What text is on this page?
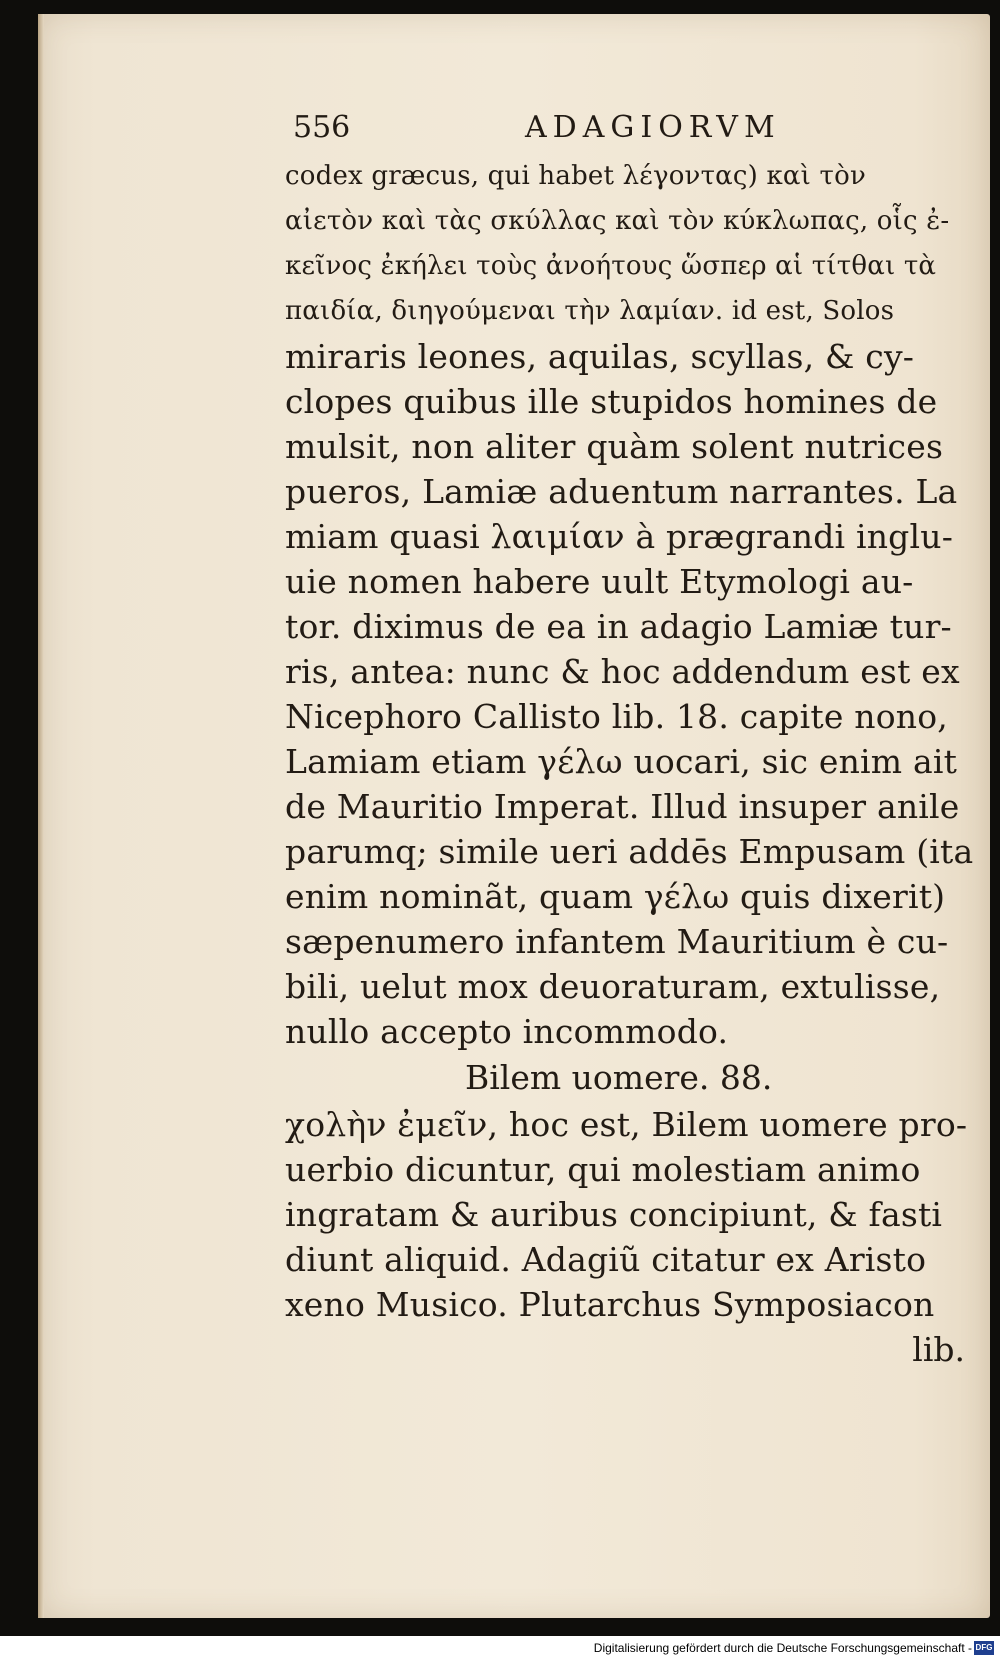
556	ADAGIORVM
codex græcus, qui habet λέγοντας) καὶ τὸν
αἰετὸν καὶ τὰς σκύλλας καὶ τὸν κύκλωπας, οἷς ἐ-
κεῖνος ἐκήλει τοὺς ἀνοήτους ὥσπερ αἱ τίτθαι τὰ
παιδία, διηγούμεναι τὴν λαμίαν. id est, Solos
miraris leones, aquilas, scyllas, & cy-
clopes quibus ille stupidos homines de
mulsit, non aliter quàm solent nutrices
pueros, Lamiæ aduentum narrantes. La
miam quasi λαιμίαν à prægrandi inglu-
uie nomen habere uult Etymologi au-
tor. diximus de ea in adagio Lamiæ tur-
ris, antea: nunc & hoc addendum est ex
Nicephoro Callisto lib. 18. capite nono,
Lamiam etiam γέλω uocari, sic enim ait
de Mauritio Imperat. Illud insuper anile
parumq; simile ueri addēs Empusam (ita
enim nominãt, quam γέλω quis dixerit)
sæpenumero infantem Mauritium è cu-
bili, uelut mox deuoraturam, extulisse,
nullo accepto incommodo.
Bilem uomere. 88.
χολὴν ἐμεῖν, hoc est, Bilem uomere pro-
uerbio dicuntur, qui molestiam animo
ingratam & auribus concipiunt, & fasti
diunt aliquid. Adagiũ citatur ex Aristo
xeno Musico. Plutarchus Symposiacon
lib.
Digitalisierung gefördert durch die Deutsche Forschungsgemeinschaft - DFG
